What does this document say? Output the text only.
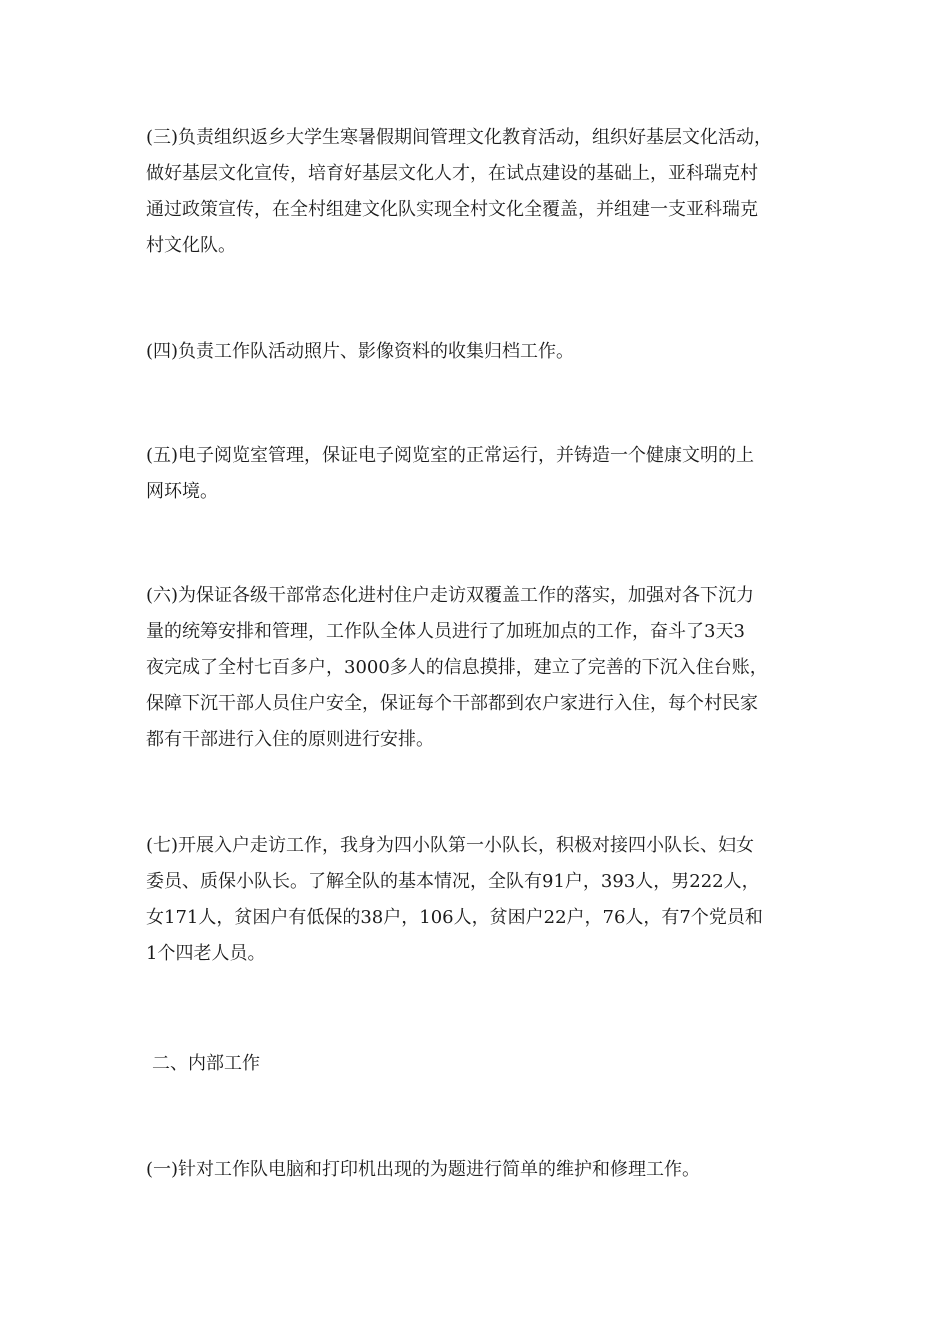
(三)负责组织返乡大学生寒暑假期间管理文化教育活动，组织好基层文化活动，
做好基层文化宣传，培育好基层文化人才，在试点建设的基础上，亚科瑞克村
通过政策宣传，在全村组建文化队实现全村文化全覆盖，并组建一支亚科瑞克
村文化队。

(四)负责工作队活动照片、影像资料的收集归档工作。

(五)电子阅览室管理，保证电子阅览室的正常运行，并铸造一个健康文明的上
网环境。

(六)为保证各级干部常态化进村住户走访双覆盖工作的落实，加强对各下沉力
量的统筹安排和管理，工作队全体人员进行了加班加点的工作，奋斗了3天3
夜完成了全村七百多户，3000多人的信息摸排，建立了完善的下沉入住台账，
保障下沉干部人员住户安全，保证每个干部都到农户家进行入住，每个村民家
都有干部进行入住的原则进行安排。

(七)开展入户走访工作，我身为四小队第一小队长，积极对接四小队长、妇女
委员、质保小队长。了解全队的基本情况，全队有91户，393人，男222人，
女171人，贫困户有低保的38户，106人，贫困户22户，76人，有7个党员和
1个四老人员。

二、内部工作

(一)针对工作队电脑和打印机出现的为题进行简单的维护和修理工作。
